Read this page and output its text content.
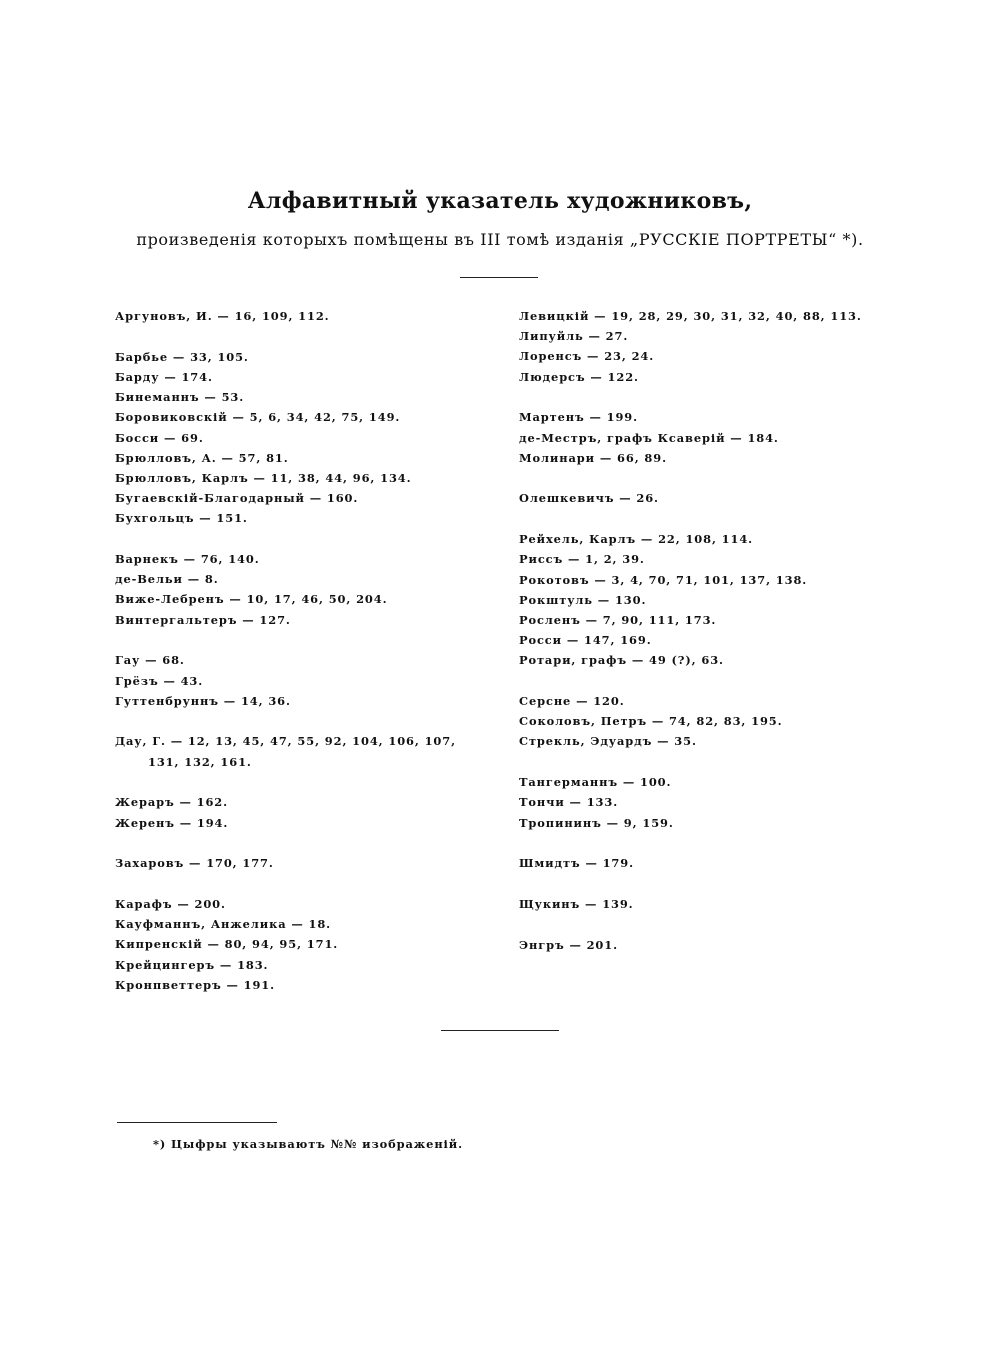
Алфавитный указатель художниковъ,
произведенія которыхъ помѣщены въ III томѣ изданія „РУССКІЕ ПОРТРЕТЫ“ *).
Аргуновъ, И. — 16, 109, 112.
Барбье — 33, 105.
Барду — 174.
Бинеманнъ — 53.
Боровиковскій — 5, 6, 34, 42, 75, 149.
Босси — 69.
Брюлловъ, А. — 57, 81.
Брюлловъ, Карлъ — 11, 38, 44, 96, 134.
Бугаевскій-Благодарный — 160.
Бухгольцъ — 151.
Варнекъ — 76, 140.
де-Вельи — 8.
Виже-Лебренъ — 10, 17, 46, 50, 204.
Винтергальтеръ — 127.
Гау — 68.
Грёзъ — 43.
Гуттенбруннъ — 14, 36.
Дау, Г. — 12, 13, 45, 47, 55, 92, 104, 106, 107,
131, 132, 161.
Жераръ — 162.
Жеренъ — 194.
Захаровъ — 170, 177.
Карафъ — 200.
Кауфманнъ, Анжелика — 18.
Кипренскій — 80, 94, 95, 171.
Крейцингеръ — 183.
Кронпветтеръ — 191.
Левицкій — 19, 28, 29, 30, 31, 32, 40, 88, 113.
Липуйль — 27.
Лоренсъ — 23, 24.
Людерсъ — 122.
Мартенъ — 199.
де-Местръ, графъ Ксаверій — 184.
Молинари — 66, 89.
Олешкевичъ — 26.
Рейхель, Карлъ — 22, 108, 114.
Риссъ — 1, 2, 39.
Рокотовъ — 3, 4, 70, 71, 101, 137, 138.
Рокштуль — 130.
Росленъ — 7, 90, 111, 173.
Росси — 147, 169.
Ротари, графъ — 49 (?), 63.
Серсне — 120.
Соколовъ, Петръ — 74, 82, 83, 195.
Стрекль, Эдуардъ — 35.
Тангерманнъ — 100.
Тончи — 133.
Тропининъ — 9, 159.
Шмидтъ — 179.
Щукинъ — 139.
Энгръ — 201.
*) Цыфры указываютъ №№ изображеній.
